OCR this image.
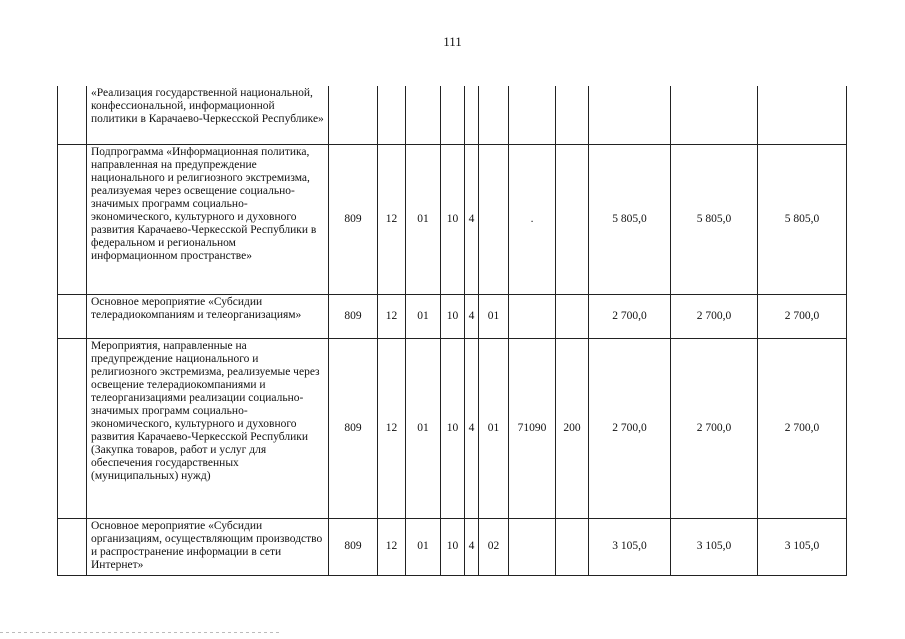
111
	«Реализация государственной национальной, конфессиональной, информационной политики в Карачаево-Черкесской Республике»											
	Подпрограмма «Информационная политика, направленная на предупреждение национального и религиозного экстремизма, реализуемая через освещение социально-значимых программ социально-экономического, культурного и духовного развития Карачаево-Черкесской Республики в федеральном и региональном информационном пространстве»	809	12	01	10	4		.		5 805,0	5 805,0	5 805,0
	Основное мероприятие «Субсидии телерадиокомпаниям и телеорганизациям»	809	12	01	10	4	01			2 700,0	2 700,0	2 700,0
	Мероприятия, направленные на предупреждение национального и религиозного экстремизма, реализуемые через освещение телерадиокомпаниями и телеорганизациями реализации социально-значимых программ социально-экономического, культурного и духовного развития Карачаево-Черкесской Республики (Закупка товаров, работ и услуг для обеспечения государственных (муниципальных) нужд)	809	12	01	10	4	01	71090	200	2 700,0	2 700,0	2 700,0
	Основное мероприятие «Субсидии организациям, осуществляющим производство и распространение информации в сети Интернет»	809	12	01	10	4	02			3 105,0	3 105,0	3 105,0
